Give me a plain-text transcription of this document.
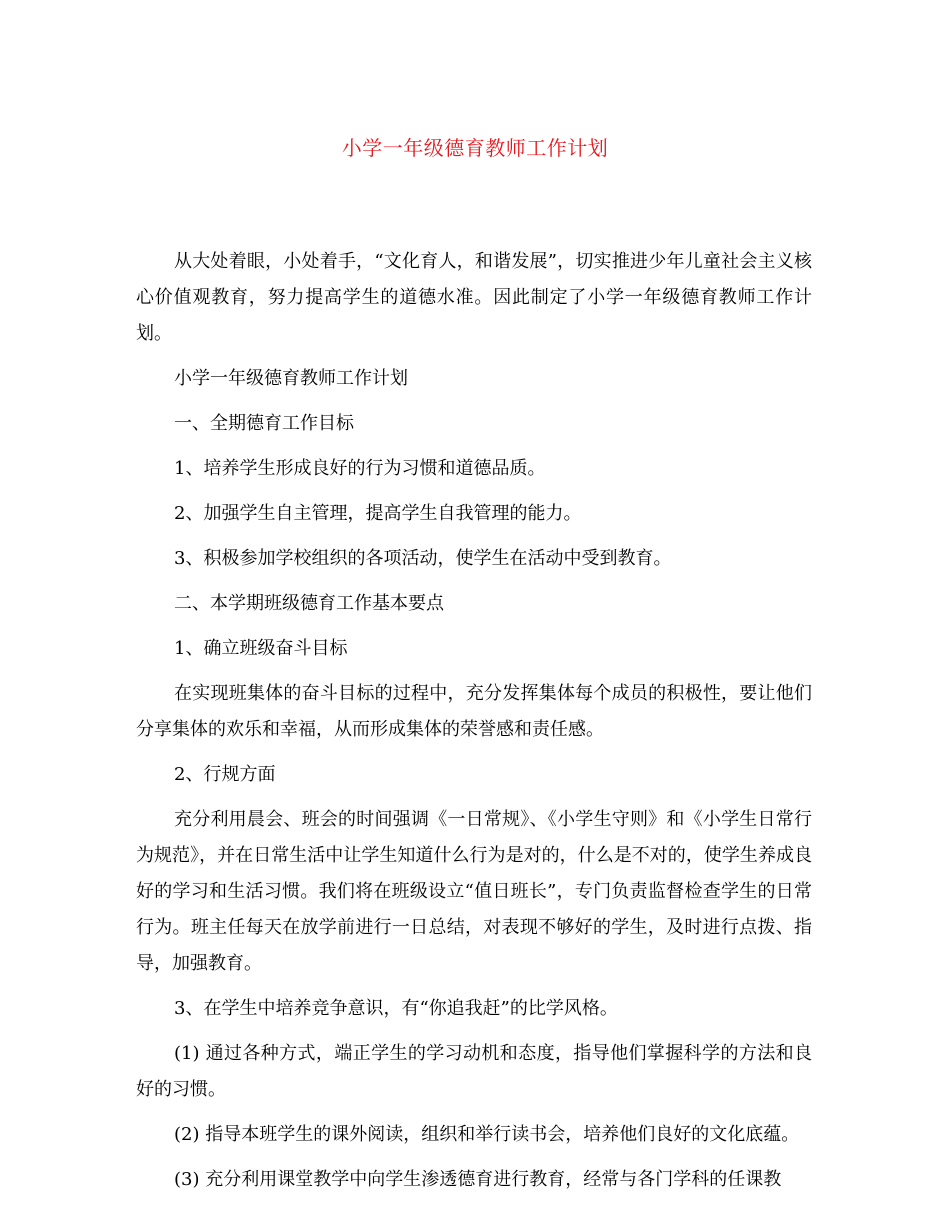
小学一年级德育教师工作计划

从大处着眼，小处着手，“文化育人，和谐发展”，切实推进少年儿童社会主义核心价值观教育，努力提高学生的道德水准。因此制定了小学一年级德育教师工作计划。

小学一年级德育教师工作计划

一、全期德育工作目标

1、培养学生形成良好的行为习惯和道德品质。

2、加强学生自主管理，提高学生自我管理的能力。

3、积极参加学校组织的各项活动，使学生在活动中受到教育。

二、本学期班级德育工作基本要点

1、确立班级奋斗目标

在实现班集体的奋斗目标的过程中，充分发挥集体每个成员的积极性，要让他们分享集体的欢乐和幸福，从而形成集体的荣誉感和责任感。

2、行规方面

充分利用晨会、班会的时间强调《一日常规》、《小学生守则》和《小学生日常行为规范》，并在日常生活中让学生知道什么行为是对的，什么是不对的，使学生养成良好的学习和生活习惯。我们将在班级设立“值日班长”，专门负责监督检查学生的日常行为。班主任每天在放学前进行一日总结，对表现不够好的学生，及时进行点拨、指导，加强教育。

3、在学生中培养竞争意识，有“你追我赶”的比学风格。

(1) 通过各种方式，端正学生的学习动机和态度，指导他们掌握科学的方法和良好的习惯。

(2) 指导本班学生的课外阅读，组织和举行读书会，培养他们良好的文化底蕴。

(3) 充分利用课堂教学中向学生渗透德育进行教育，经常与各门学科的任课教
